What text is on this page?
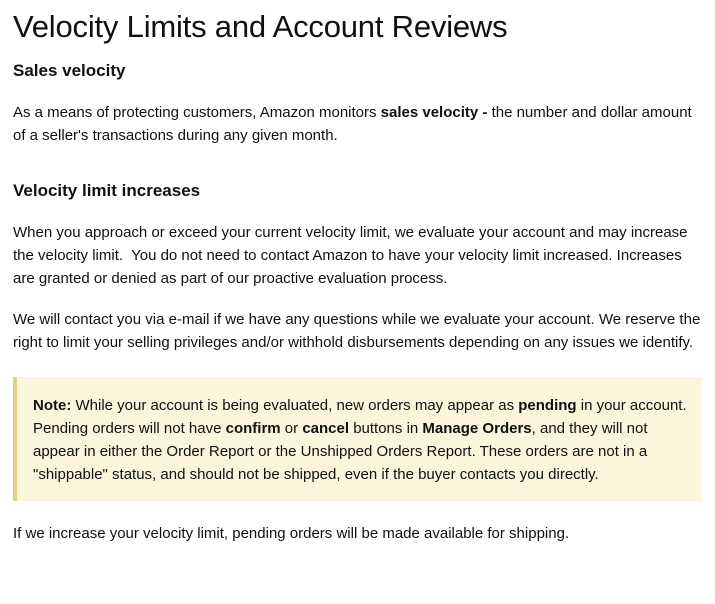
Velocity Limits and Account Reviews
Sales velocity

As a means of protecting customers, Amazon monitors sales velocity - the number and dollar amount of a seller's transactions during any given month.

Velocity limit increases

When you approach or exceed your current velocity limit, we evaluate your account and may increase the velocity limit.  You do not need to contact Amazon to have your velocity limit increased. Increases are granted or denied as part of our proactive evaluation process.

We will contact you via e-mail if we have any questions while we evaluate your account. We reserve the right to limit your selling privileges and/or withhold disbursements depending on any issues we identify.

Note: While your account is being evaluated, new orders may appear as pending in your account. Pending orders will not have confirm or cancel buttons in Manage Orders, and they will not appear in either the Order Report or the Unshipped Orders Report. These orders are not in a "shippable" status, and should not be shipped, even if the buyer contacts you directly.

If we increase your velocity limit, pending orders will be made available for shipping.
